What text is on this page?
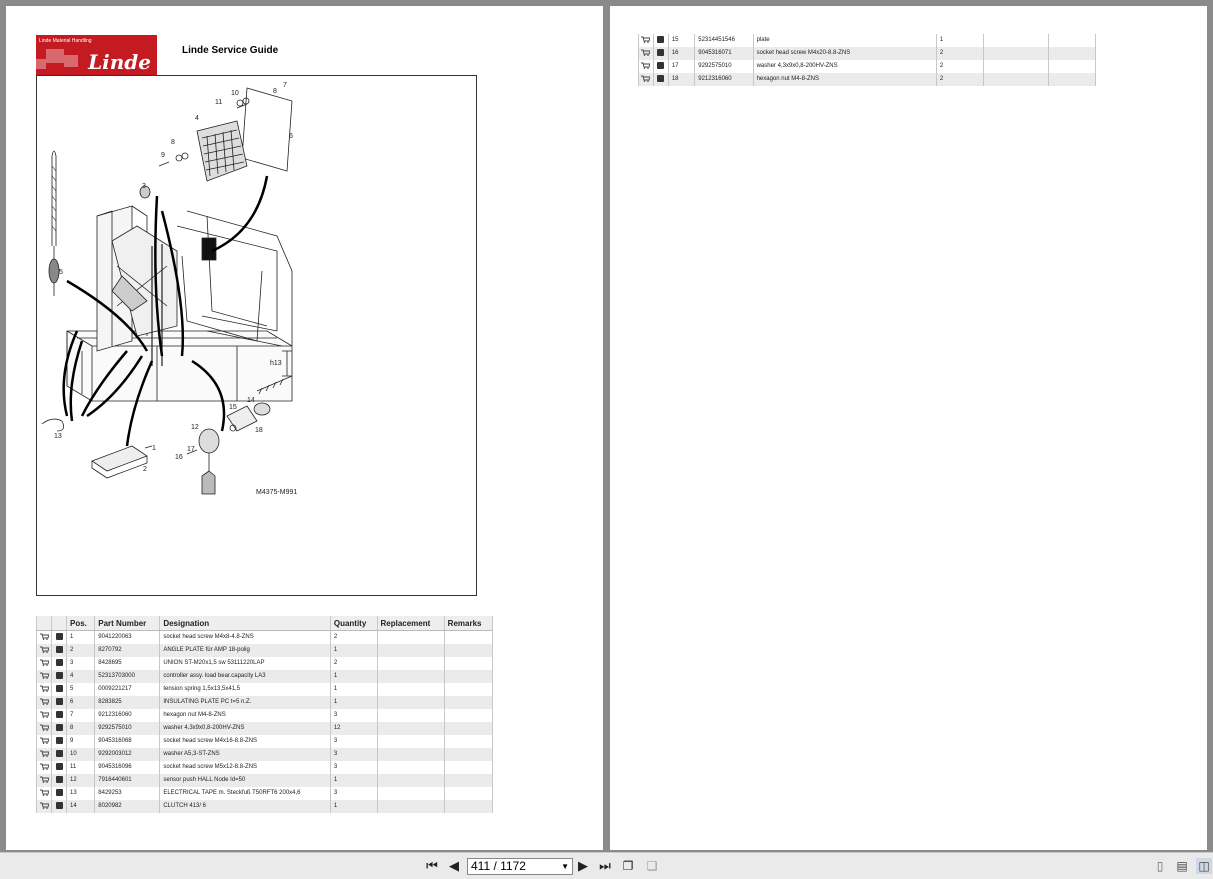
Linde Material Handling
Linde	Linde Service Guide
1
2
3
4
5
6
7
8
8
9
10
11
12
13
14
15
16
17
18
h13
M4375-M991
		Pos.	Part Number	Designation	Quantity	Replacement	Remarks
		1	9041220063	socket head screw M4x8-4.8-ZNS	2		
		2	8270792	ANGLE PLATE für AMP 18-polig	1		
		3	8428695	UNION ST-M20x1,5 sw 53111220LAP	2		
		4	52313703000	controller assy. load bear.capacity LA3	1		
		5	0009221217	tension spring 1,5x13,5x41,5	1		
		6	8283825	INSULATING PLATE PC t=5 n.Z.	1		
		7	9212316060	hexagon nut M4-8-ZNS	3		
		8	9292575010	washer 4,3x9x0,8-200HV-ZNS	12		
		9	9045316068	socket head screw M4x16-8.8-ZNS	3		
		10	9292003012	washer A5,3-ST-ZNS	3		
		11	9045316096	socket head screw M5x12-8.8-ZNS	3		
		12	7916440601	sensor push HALL Node Id=50	1		
		13	8429253	ELECTRICAL TAPE m. Steckfuß T50RFT6 200x4,6	3		
		14	8020982	CLUTCH 413/ 6	1		
		15	52314451546	plate	1		
		16	9045316071	socket head screw M4x20-8.8-ZNS	2		
		17	9292575010	washer 4,3x9x0,8-200HV-ZNS	2		
		18	9212316060	hexagon nut M4-8-ZNS	2		
⏮ ◀ 411 / 1172	▼ ▶ ⏭ ❐ ❑	▯	▤ ◫
